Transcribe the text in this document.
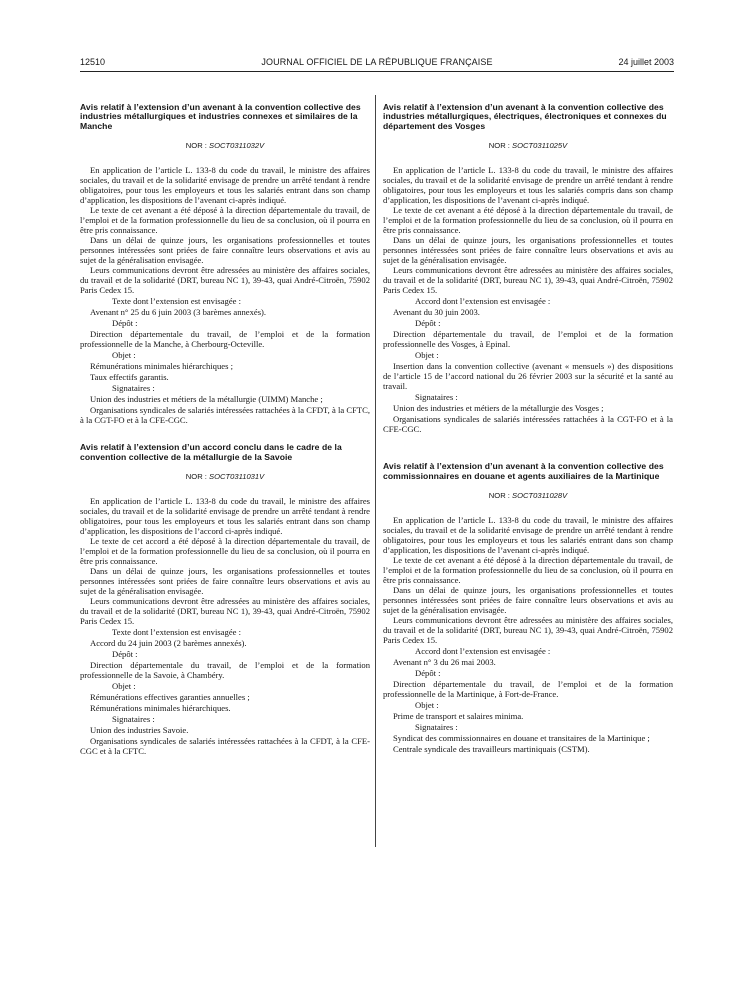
12510	JOURNAL OFFICIEL DE LA RÉPUBLIQUE FRANÇAISE	24 juillet 2003

Avis relatif à l’extension d’un avenant à la convention collective des industries métallurgiques et industries connexes et similaires de la Manche

NOR : SOCT0311032V

En application de l’article L. 133-8 du code du travail, le ministre des affaires sociales, du travail et de la solidarité envisage de prendre un arrêté tendant à rendre obligatoires, pour tous les employeurs et tous les salariés entrant dans son champ d’application, les dispositions de l’avenant ci-après indiqué.

Le texte de cet avenant a été déposé à la direction départementale du travail, de l’emploi et de la formation professionnelle du lieu de sa conclusion, où il pourra en être pris connaissance.

Dans un délai de quinze jours, les organisations professionnelles et toutes personnes intéressées sont priées de faire connaître leurs observations et avis au sujet de la généralisation envisagée.

Leurs communications devront être adressées au ministère des affaires sociales, du travail et de la solidarité (DRT, bureau NC 1), 39-43, quai André-Citroën, 75902 Paris Cedex 15.

Texte dont l’extension est envisagée :

Avenant n° 25 du 6 juin 2003 (3 barèmes annexés).

Dépôt :

Direction départementale du travail, de l’emploi et de la formation professionnelle de la Manche, à Cherbourg-Octeville.

Objet :

Rémunérations minimales hiérarchiques ;

Taux effectifs garantis.

Signataires :

Union des industries et métiers de la métallurgie (UIMM) Manche ;

Organisations syndicales de salariés intéressées rattachées à la CFDT, à la CFTC, à la CGT-FO et à la CFE-CGC.

Avis relatif à l’extension d’un accord conclu dans le cadre de la convention collective de la métallurgie de la Savoie

NOR : SOCT0311031V

En application de l’article L. 133-8 du code du travail, le ministre des affaires sociales, du travail et de la solidarité envisage de prendre un arrêté tendant à rendre obligatoires, pour tous les employeurs et tous les salariés entrant dans son champ d’application, les dispositions de l’accord ci-après indiqué.

Le texte de cet accord a été déposé à la direction départementale du travail, de l’emploi et de la formation professionnelle du lieu de sa conclusion, où il pourra en être pris connaissance.

Dans un délai de quinze jours, les organisations professionnelles et toutes personnes intéressées sont priées de faire connaître leurs observations et avis au sujet de la généralisation envisagée.

Leurs communications devront être adressées au ministère des affaires sociales, du travail et de la solidarité (DRT, bureau NC 1), 39-43, quai André-Citroën, 75902 Paris Cedex 15.

Texte dont l’extension est envisagée :

Accord du 24 juin 2003 (2 barèmes annexés).

Dépôt :

Direction départementale du travail, de l’emploi et de la formation professionnelle de la Savoie, à Chambéry.

Objet :

Rémunérations effectives garanties annuelles ;

Rémunérations minimales hiérarchiques.

Signataires :

Union des industries Savoie.

Organisations syndicales de salariés intéressées rattachées à la CFDT, à la CFE-CGC et à la CFTC.

Avis relatif à l’extension d’un avenant à la convention collective des industries métallurgiques, électriques, électroniques et connexes du département des Vosges

NOR : SOCT0311025V

En application de l’article L. 133-8 du code du travail, le ministre des affaires sociales, du travail et de la solidarité envisage de prendre un arrêté tendant à rendre obligatoires, pour tous les employeurs et tous les salariés compris dans son champ d’application, les dispositions de l’avenant ci-après indiqué.

Le texte de cet avenant a été déposé à la direction départementale du travail, de l’emploi et de la formation professionnelle du lieu de sa conclusion, où il pourra en être pris connaissance.

Dans un délai de quinze jours, les organisations professionnelles et toutes personnes intéressées sont priées de faire connaître leurs observations et avis au sujet de la généralisation envisagée.

Leurs communications devront être adressées au ministère des affaires sociales, du travail et de la solidarité (DRT, bureau NC 1), 39-43, quai André-Citroën, 75902 Paris Cedex 15.

Accord dont l’extension est envisagée :

Avenant du 30 juin 2003.

Dépôt :

Direction départementale du travail, de l’emploi et de la formation professionnelle des Vosges, à Epinal.

Objet :

Insertion dans la convention collective (avenant « mensuels ») des dispositions de l’article 15 de l’accord national du 26 février 2003 sur la sécurité et la santé au travail.

Signataires :

Union des industries et métiers de la métallurgie des Vosges ;

Organisations syndicales de salariés intéressées rattachées à la CGT-FO et à la CFE-CGC.

Avis relatif à l’extension d’un avenant à la convention collective des commissionnaires en douane et agents auxiliaires de la Martinique

NOR : SOCT0311028V

En application de l’article L. 133-8 du code du travail, le ministre des affaires sociales, du travail et de la solidarité envisage de prendre un arrêté tendant à rendre obligatoires, pour tous les employeurs et tous les salariés entrant dans son champ d’application, les dispositions de l’avenant ci-après indiqué.

Le texte de cet avenant a été déposé à la direction départementale du travail, de l’emploi et de la formation professionnelle du lieu de sa conclusion, où il pourra en être pris connaissance.

Dans un délai de quinze jours, les organisations professionnelles et toutes personnes intéressées sont priées de faire connaître leurs observations et avis au sujet de la généralisation envisagée.

Leurs communications devront être adressées au ministère des affaires sociales, du travail et de la solidarité (DRT, bureau NC 1), 39-43, quai André-Citroën, 75902 Paris Cedex 15.

Accord dont l’extension est envisagée :

Avenant n° 3 du 26 mai 2003.

Dépôt :

Direction départementale du travail, de l’emploi et de la formation professionnelle de la Martinique, à Fort-de-France.

Objet :

Prime de transport et salaires minima.

Signataires :

Syndicat des commissionnaires en douane et transitaires de la Martinique ;

Centrale syndicale des travailleurs martiniquais (CSTM).
